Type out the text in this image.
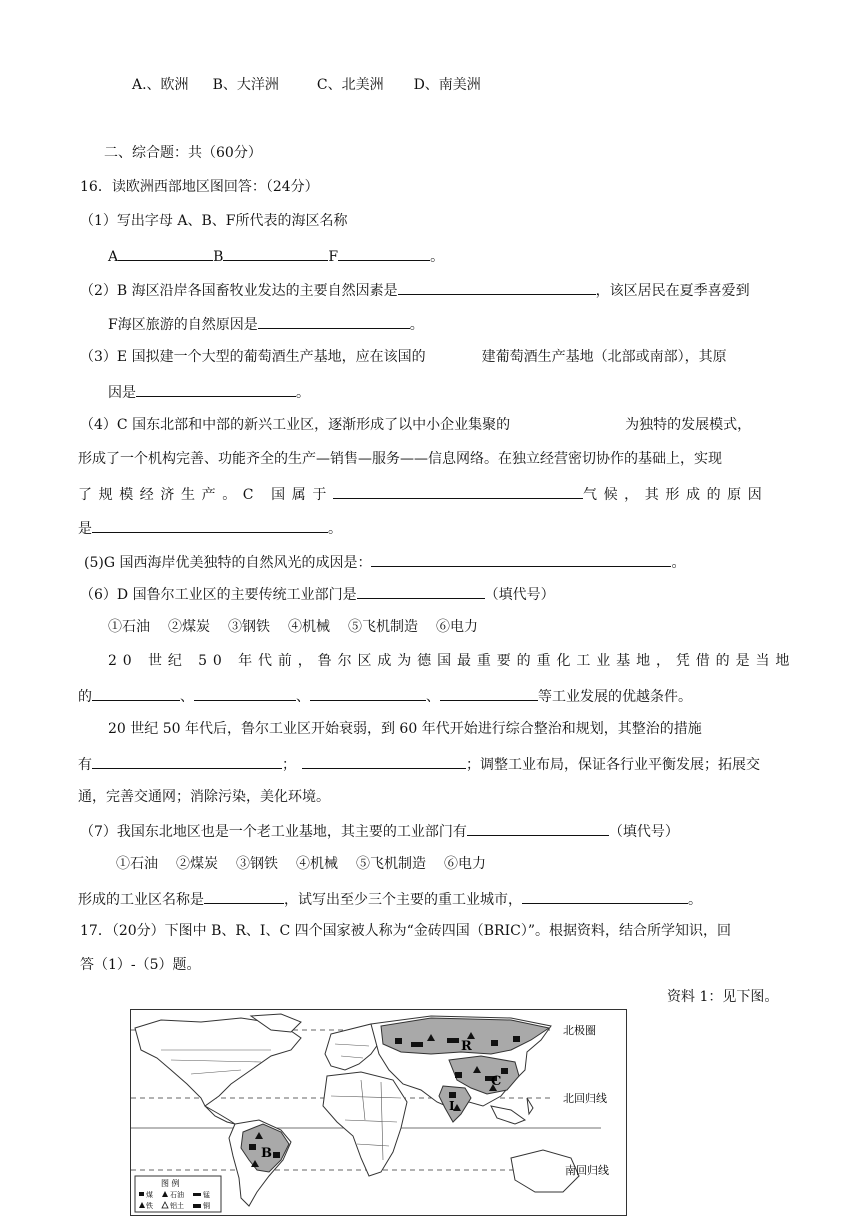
A.、欧洲 B、大洋洲	C、北美洲 D、南美洲
二、综合题：共（60分）
16．读欧洲西部地区图回答：（24分）
（1）写出字母 A、B、F所代表的海区名称
A	B	F	。
（2）B 海区沿岸各国畜牧业发达的主要自然因素是	，该区居民在夏季喜爱到
F海区旅游的自然原因是	。
（3）E 国拟建一个大型的葡萄酒生产基地，应在该国的	建葡萄酒生产基地（北部或南部），其原
因是	。
（4）C 国东北部和中部的新兴工业区，逐渐形成了以中小企业集聚的	为独特的发展模式，
形成了一个机构完善、功能齐全的生产—销售—服务——信息网络。在独立经营密切协作的基础上，实现
了规模经济生产。C 国属于	气候，其形成的原因
是	。
(5)G 国西海岸优美独特的自然风光的成因是：	。
（6）D 国鲁尔工业区的主要传统工业部门是	（填代号）
①石油 ②煤炭 ③钢铁 ④机械 ⑤飞机制造 ⑥电力
20 世纪 50 年代前，鲁尔区成为德国最重要的重化工业基地，凭借的是当地
的	、	、	、	等工业发展的优越条件。
20 世纪 50 年代后，鲁尔工业区开始衰弱，到 60 年代开始进行综合整治和规划，其整治的措施
有	；	；调整工业布局，保证各行业平衡发展；拓展交
通，完善交通网；消除污染，美化环境。
（7）我国东北地区也是一个老工业基地，其主要的工业部门有	（填代号）
①石油 ②煤炭 ③钢铁 ④机械 ⑤飞机制造 ⑥电力
形成的工业区名称是	，试写出至少三个主要的重工业城市，	。
17．（20分）下图中 B、R、I、C 四个国家被人称为“金砖四国（BRIC）”。根据资料，结合所学知识，回
答（1）-（5）题。
资料 1：见下图。
R
C
I
B
北极圈
北回归线
南回归线
图 例
煤 石油	锰
铁 铝土	铜
